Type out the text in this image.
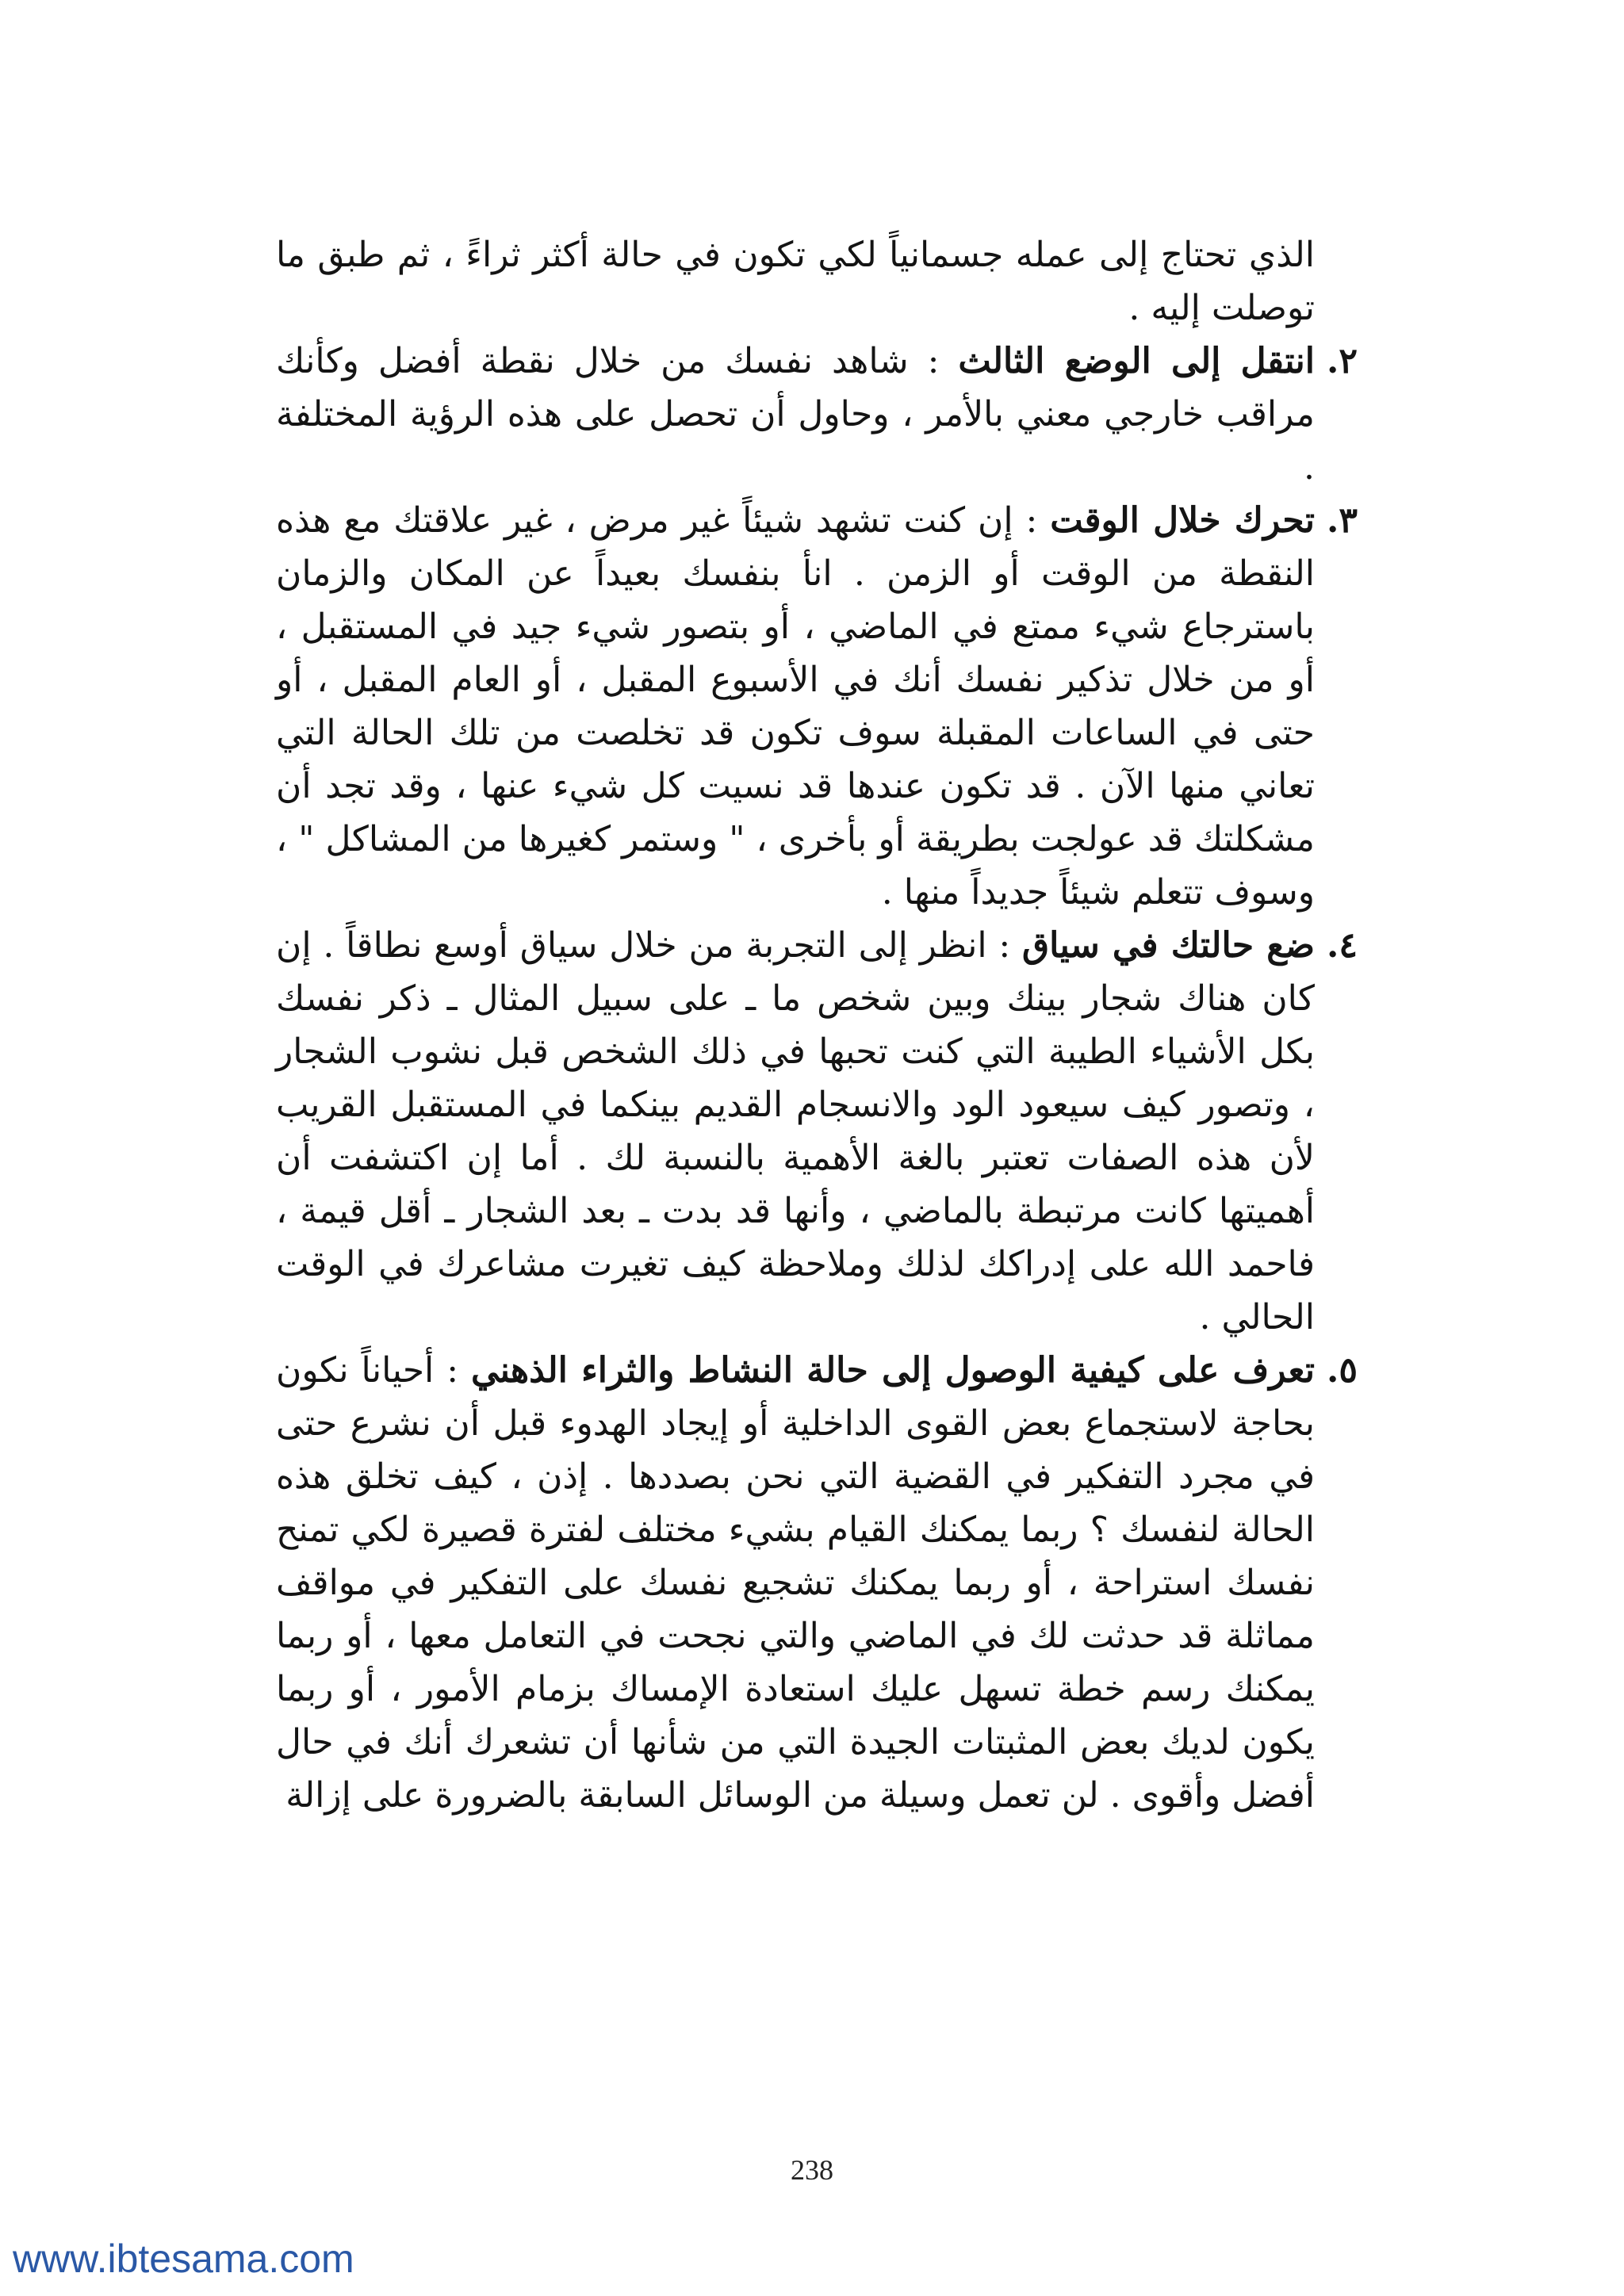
الذي تحتاج إلى عمله جسمانياً لكي تكون في حالة أكثر ثراءً ، ثم طبق ما توصلت إليه .

٢.
انتقل إلى الوضع الثالث : شاهد نفسك من خلال نقطة أفضل وكأنك مراقب خارجي معني بالأمر ، وحاول أن تحصل على هذه الرؤية المختلفة .
٣.
تحرك خلال الوقت : إن كنت تشهد شيئاً غير مرض ، غير علاقتك مع هذه النقطة من الوقت أو الزمن . انأ بنفسك بعيداً عن المكان والزمان باسترجاع شيء ممتع في الماضي ، أو بتصور شيء جيد في المستقبل ، أو من خلال تذكير نفسك أنك في الأسبوع المقبل ، أو العام المقبل ، أو حتى في الساعات المقبلة سوف تكون قد تخلصت من تلك الحالة التي تعاني منها الآن . قد تكون عندها قد نسيت كل شيء عنها ، وقد تجد أن مشكلتك قد عولجت بطريقة أو بأخرى ، " وستمر كغيرها من المشاكل " ، وسوف تتعلم شيئاً جديداً منها .
٤.
ضع حالتك في سياق : انظر إلى التجربة من خلال سياق أوسع نطاقاً . إن كان هناك شجار بينك وبين شخص ما ـ على سبيل المثال ـ ذكر نفسك بكل الأشياء الطيبة التي كنت تحبها في ذلك الشخص قبل نشوب الشجار ، وتصور كيف سيعود الود والانسجام القديم بينكما في المستقبل القريب لأن هذه الصفات تعتبر بالغة الأهمية بالنسبة لك . أما إن اكتشفت أن أهميتها كانت مرتبطة بالماضي ، وأنها قد بدت ـ بعد الشجار ـ أقل قيمة ، فاحمد الله على إدراكك لذلك وملاحظة كيف تغيرت مشاعرك في الوقت الحالي .
٥.
تعرف على كيفية الوصول إلى حالة النشاط والثراء الذهني : أحياناً نكون بحاجة لاستجماع بعض القوى الداخلية أو إيجاد الهدوء قبل أن نشرع حتى في مجرد التفكير في القضية التي نحن بصددها . إذن ، كيف تخلق هذه الحالة لنفسك ؟ ربما يمكنك القيام بشيء مختلف لفترة قصيرة لكي تمنح نفسك استراحة ، أو ربما يمكنك تشجيع نفسك على التفكير في مواقف مماثلة قد حدثت لك في الماضي والتي نجحت في التعامل معها ، أو ربما يمكنك رسم خطة تسهل عليك استعادة الإمساك بزمام الأمور ، أو ربما يكون لديك بعض المثبتات الجيدة التي من شأنها أن تشعرك أنك في حال أفضل وأقوى . لن تعمل وسيلة من الوسائل السابقة بالضرورة على إزالة
238
www.ibtesama.com
